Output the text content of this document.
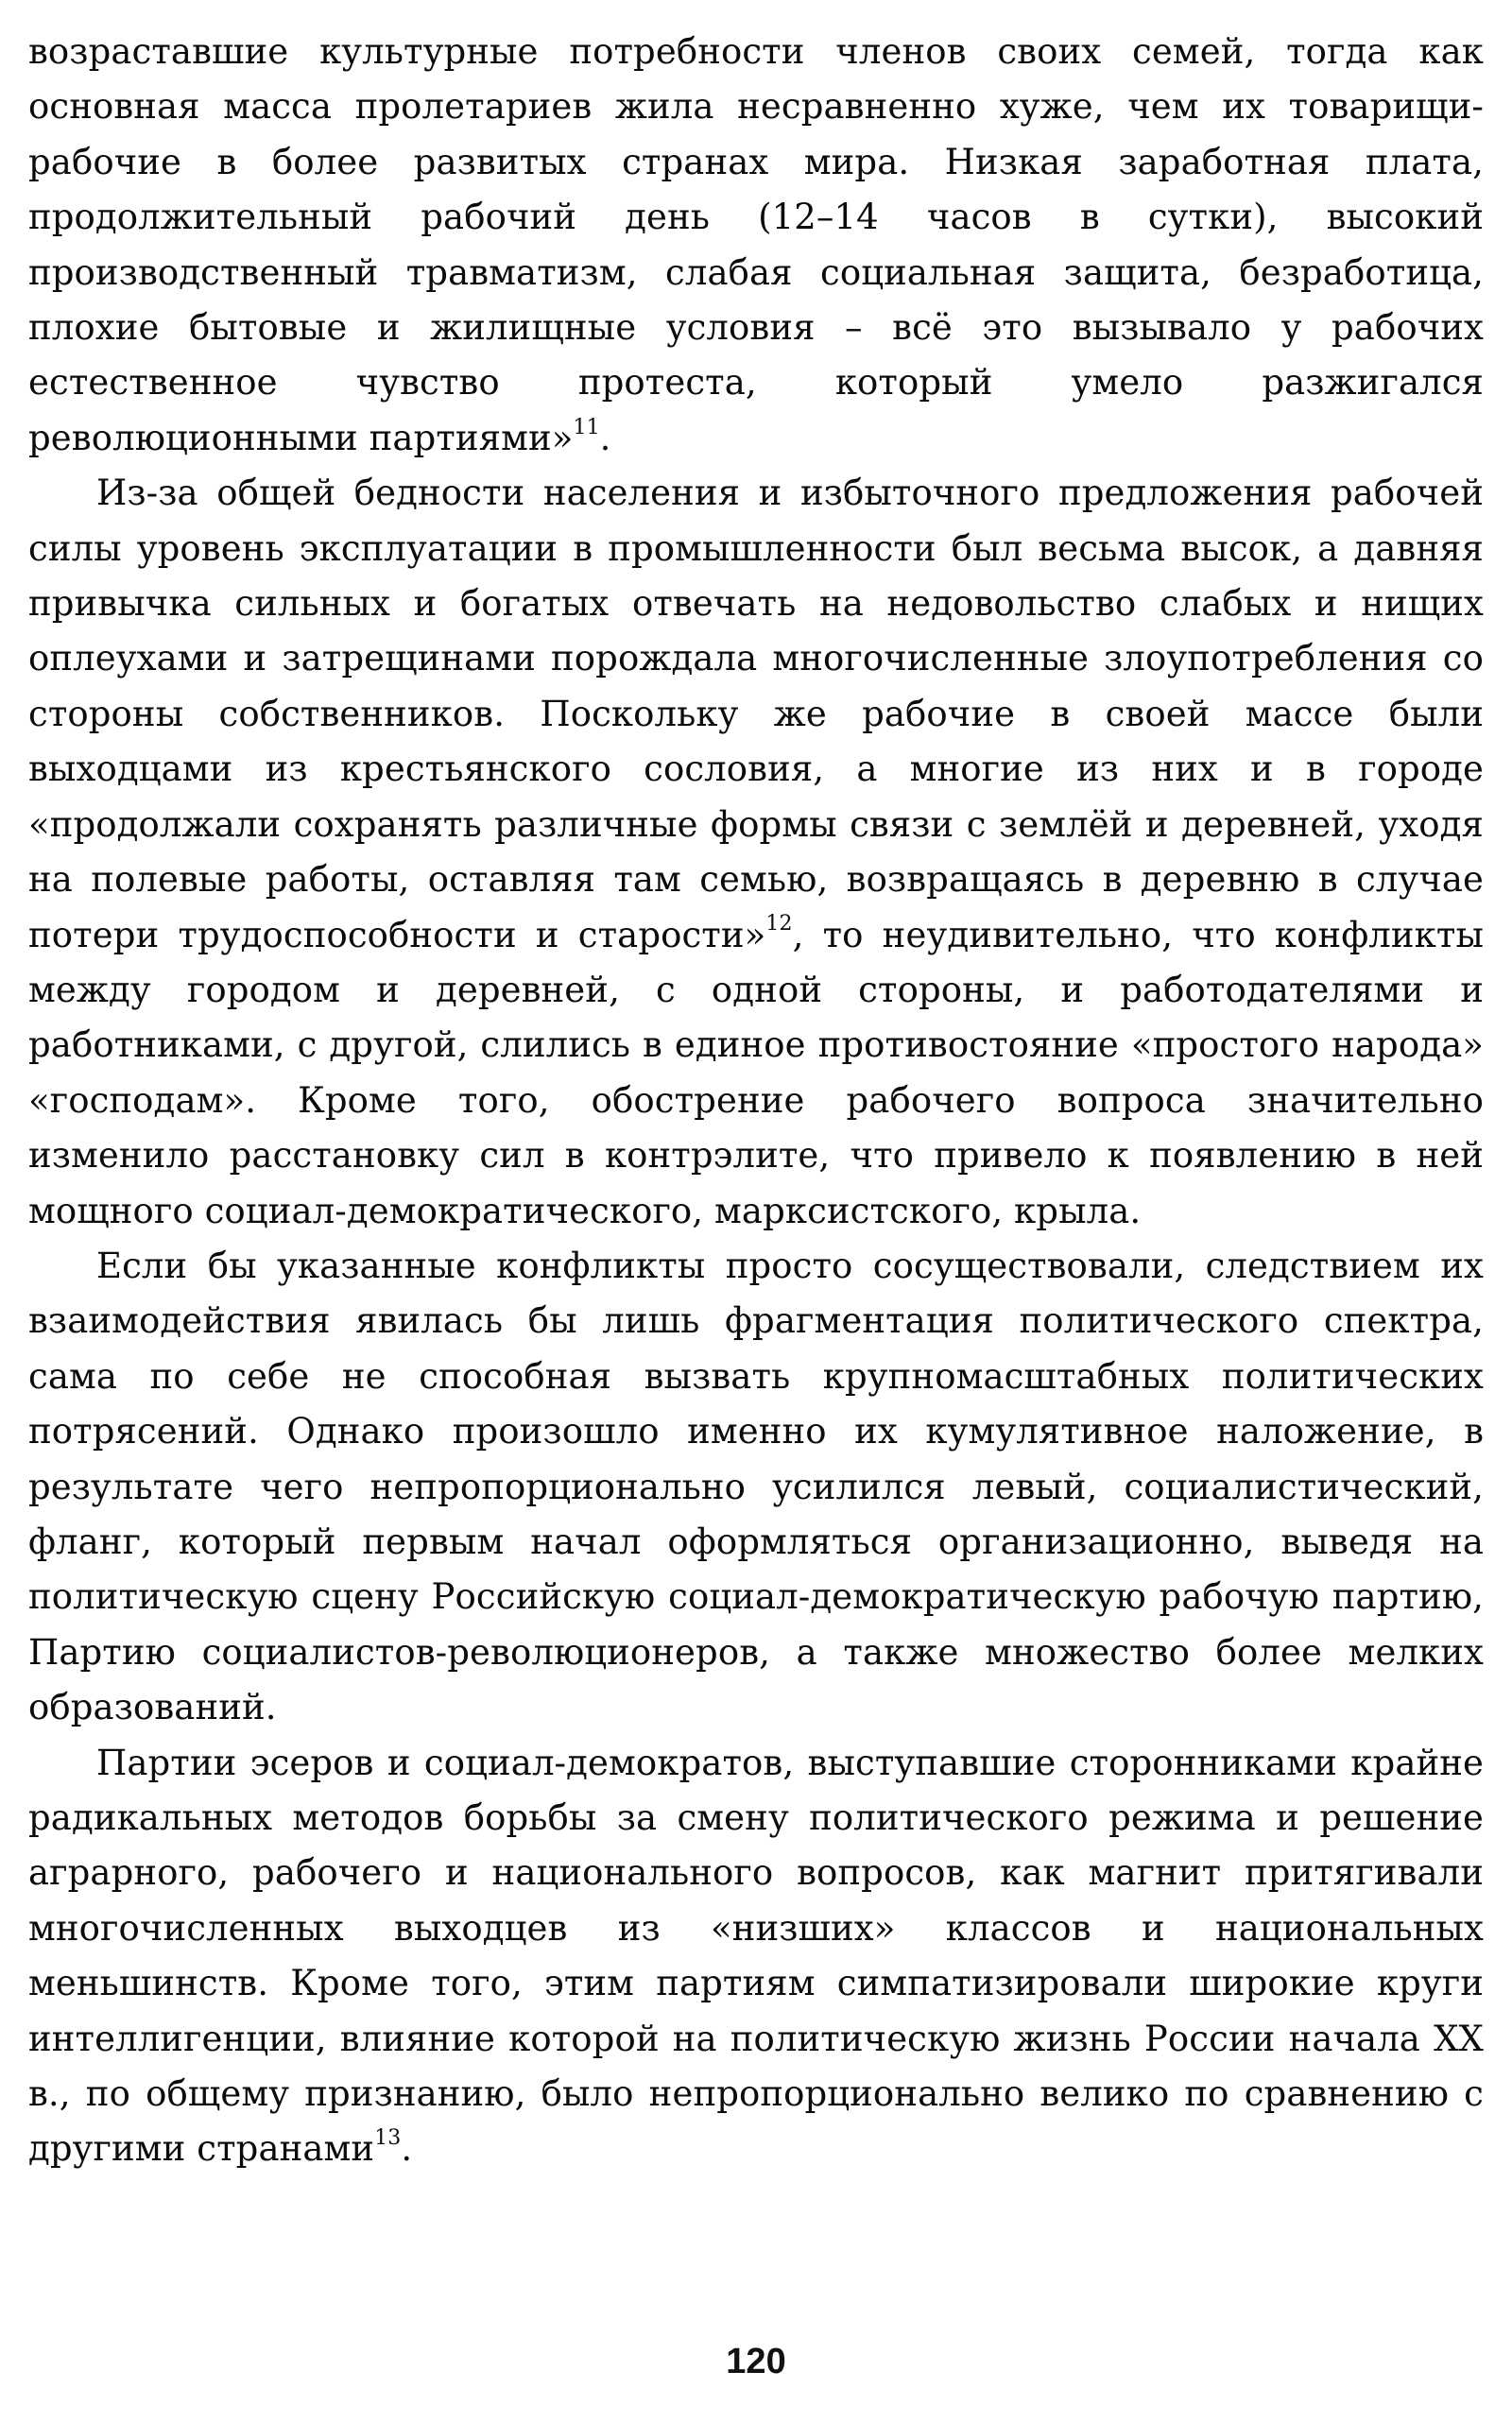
возраставшие культурные потребности членов своих семей, тогда как основная масса пролетариев жила несравненно хуже, чем их товарищи-рабочие в более развитых странах мира. Низкая заработная плата, продолжительный рабочий день (12–14 часов в сутки), высокий производственный травматизм, слабая социальная защита, безработица, плохие бытовые и жилищные условия – всё это вызывало у рабочих естественное чувство протеста, который умело разжигался революционными партиями»$^{11}$.

Из-за общей бедности населения и избыточного предложения рабочей силы уровень эксплуатации в промышленности был весьма высок, а давняя привычка сильных и богатых отвечать на недовольство слабых и нищих оплеухами и затрещинами порождала многочисленные злоупотребления со стороны собственников. Поскольку же рабочие в своей массе были выходцами из крестьянского сословия, а многие из них и в городе «продолжали сохранять различные формы связи с землёй и деревней, уходя на полевые работы, оставляя там семью, возвращаясь в деревню в случае потери трудоспособности и старости»$^{12}$, то неудивительно, что конфликты между городом и деревней, с одной стороны, и работодателями и работниками, с другой, слились в единое противостояние «простого народа» «господам». Кроме того, обострение рабочего вопроса значительно изменило расстановку сил в контрэлите, что привело к появлению в ней мощного социал-демократического, марксистского, крыла.

Если бы указанные конфликты просто сосуществовали, следствием их взаимодействия явилась бы лишь фрагментация политического спектра, сама по себе не способная вызвать крупномасштабных политических потрясений. Однако произошло именно их кумулятивное наложение, в результате чего непропорционально усилился левый, социалистический, фланг, который первым начал оформляться организационно, выведя на политическую сцену Российскую социал-демократическую рабочую партию, Партию социалистов-революционеров, а также множество более мелких образований.

Партии эсеров и социал-демократов, выступавшие сторонниками крайне радикальных методов борьбы за смену политического режима и решение аграрного, рабочего и национального вопросов, как магнит притягивали многочисленных выходцев из «низших» классов и национальных меньшинств. Кроме того, этим партиям симпатизировали широкие круги интеллигенции, влияние которой на политическую жизнь России начала XX в., по общему признанию, было непропорционально велико по сравнению с другими странами$^{13}$.

120
